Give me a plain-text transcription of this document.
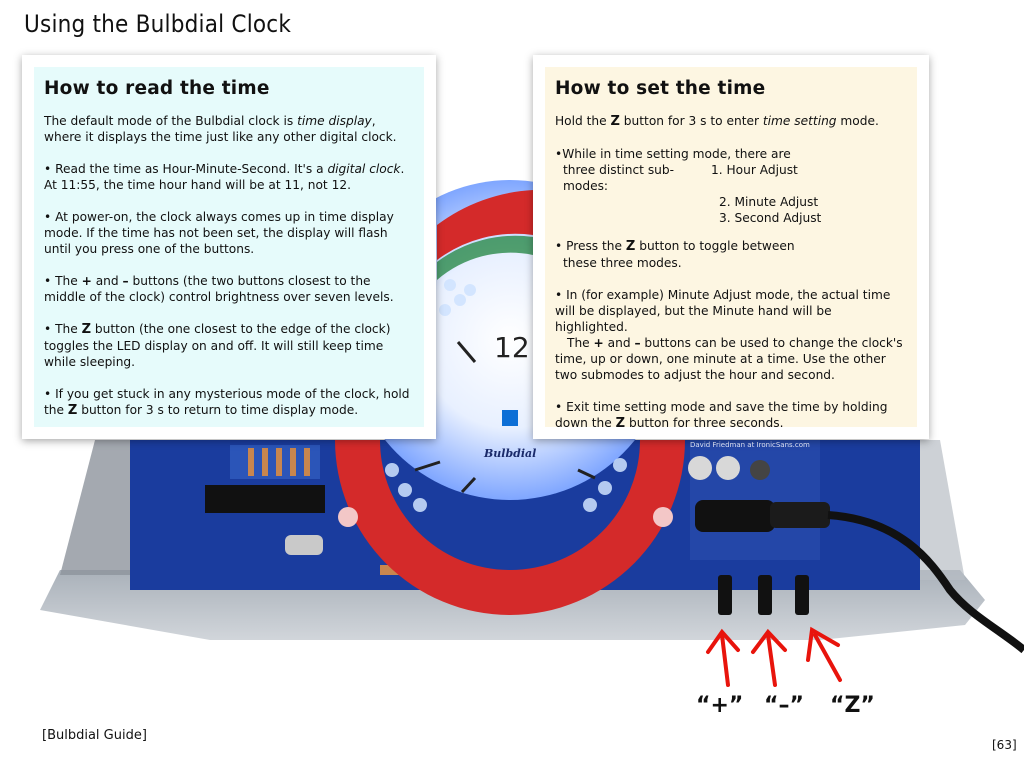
12
Bulbdial
David Friedman at IronicSans.com
Using the Bulbdial Clock
How to read the time

The default mode of the Bulbdial clock is time display,
where it displays the time just like any other digital clock.

• Read the time as Hour-Minute-Second. It's a digital clock.
At 11:55, the time hour hand will be at 11, not 12.

• At power-on, the clock always comes up in time display mode. If the time has not been set, the display will flash until you press one of the buttons.

• The + and – buttons (the two buttons closest to the middle of the clock) control brightness over seven levels.

• The Z button (the one closest to the edge of the clock) toggles the LED display on and off. It will still keep time while sleeping.

• If you get stuck in any mysterious mode of the clock, hold the Z button for 3 s to return to time display mode.

How to set the time

Hold the Z button for 3 s to enter time setting mode.

•While in time setting mode, there are
three distinct sub-modes:
1. Hour Adjust
2. Minute Adjust
3. Second Adjust

• Press the Z button to toggle between
these three modes.

• In (for example) Minute Adjust mode, the actual time will be displayed, but the Minute hand will be highlighted.
The + and – buttons can be used to change the clock's time, up or down, one minute at a time. Use the other two submodes to adjust the hour and second.

• Exit time setting mode and save the time by holding down the Z button for three seconds.

“+” “–” “Z”
[Bulbdial Guide]
[63]
